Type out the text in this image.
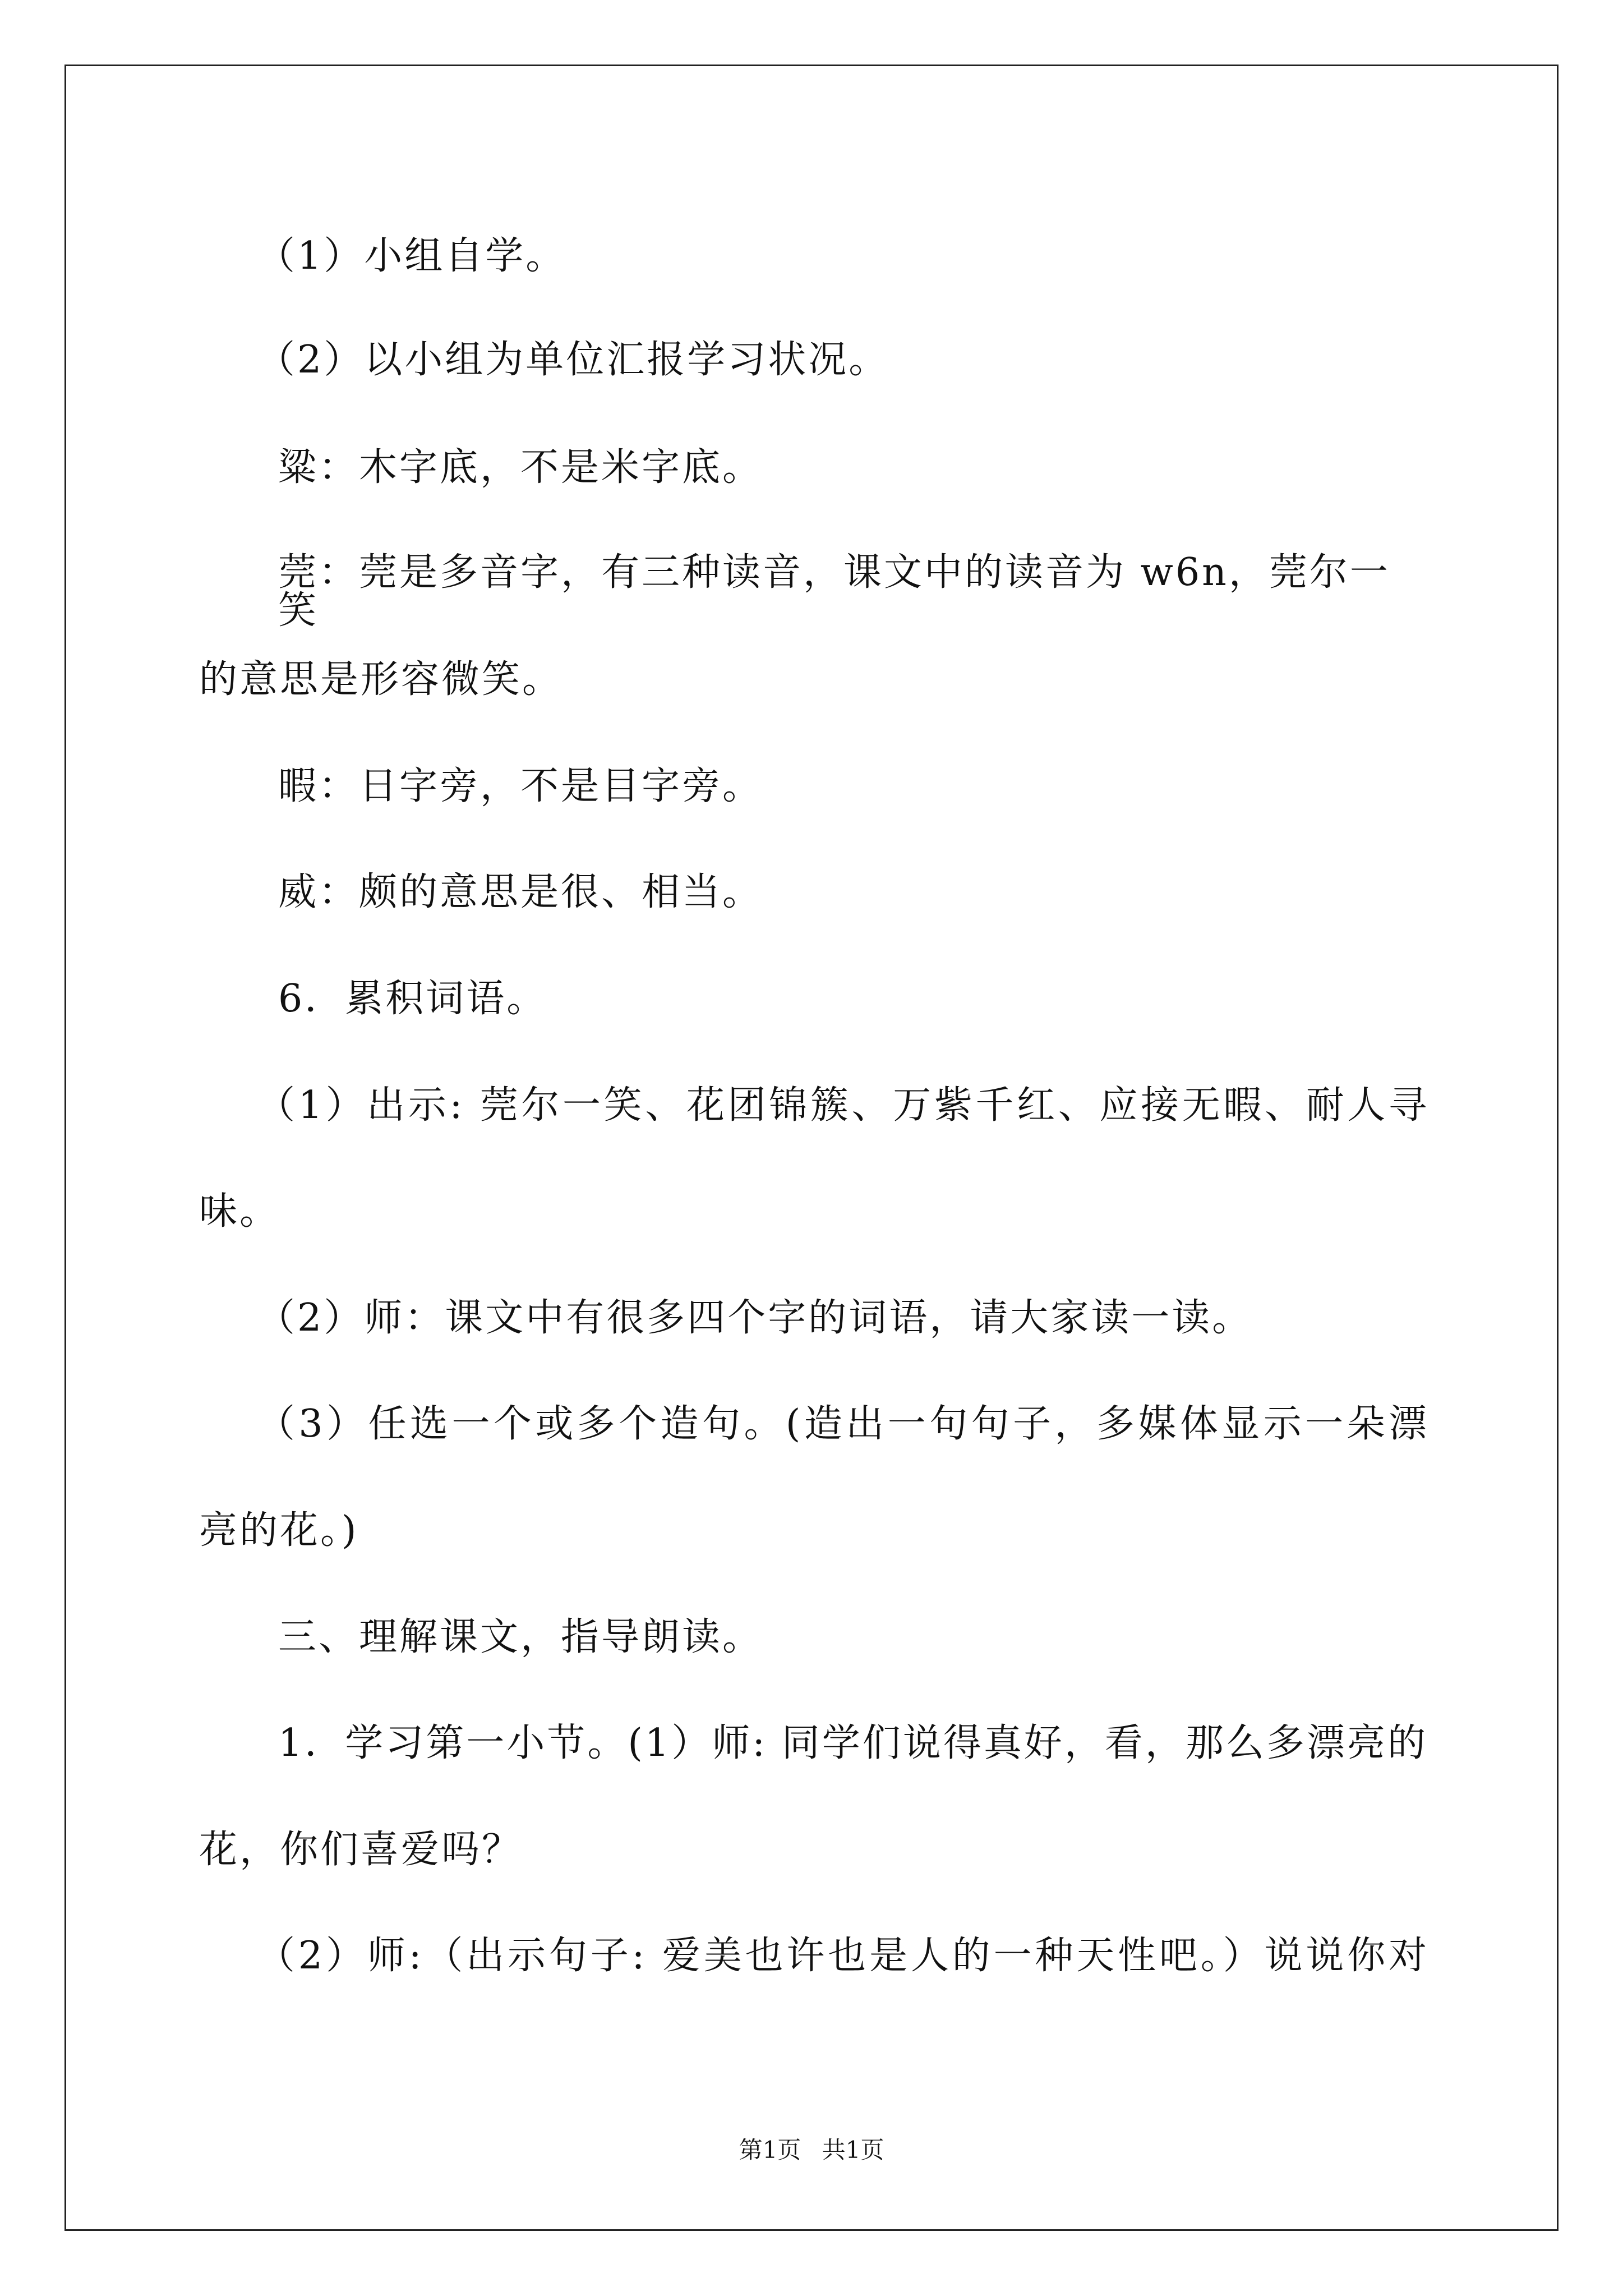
（1）小组自学。
（2）以小组为单位汇报学习状况。
粱：木字底，不是米字底。
莞：莞是多音字，有三种读音，课文中的读音为 w6n，莞尔一笑
的意思是形容微笑。
暇：日字旁，不是目字旁。
威：颇的意思是很、相当。
6．累积词语。
（1）出示: 莞尔一笑、花团锦簇、万紫千红、应接无暇、耐人寻
味。
（2）师：课文中有很多四个字的词语，请大家读一读。
（3）任选一个或多个造句。(造出一句句子，多媒体显示一朵漂
亮的花。)
三、理解课文，指导朗读。
1．学习第一小节。(1）师: 同学们说得真好，看，那么多漂亮的
花，你们喜爱吗？
（2）师:（出示句子: 爱美也许也是人的一种天性吧。）说说你对
第1页 共1页
